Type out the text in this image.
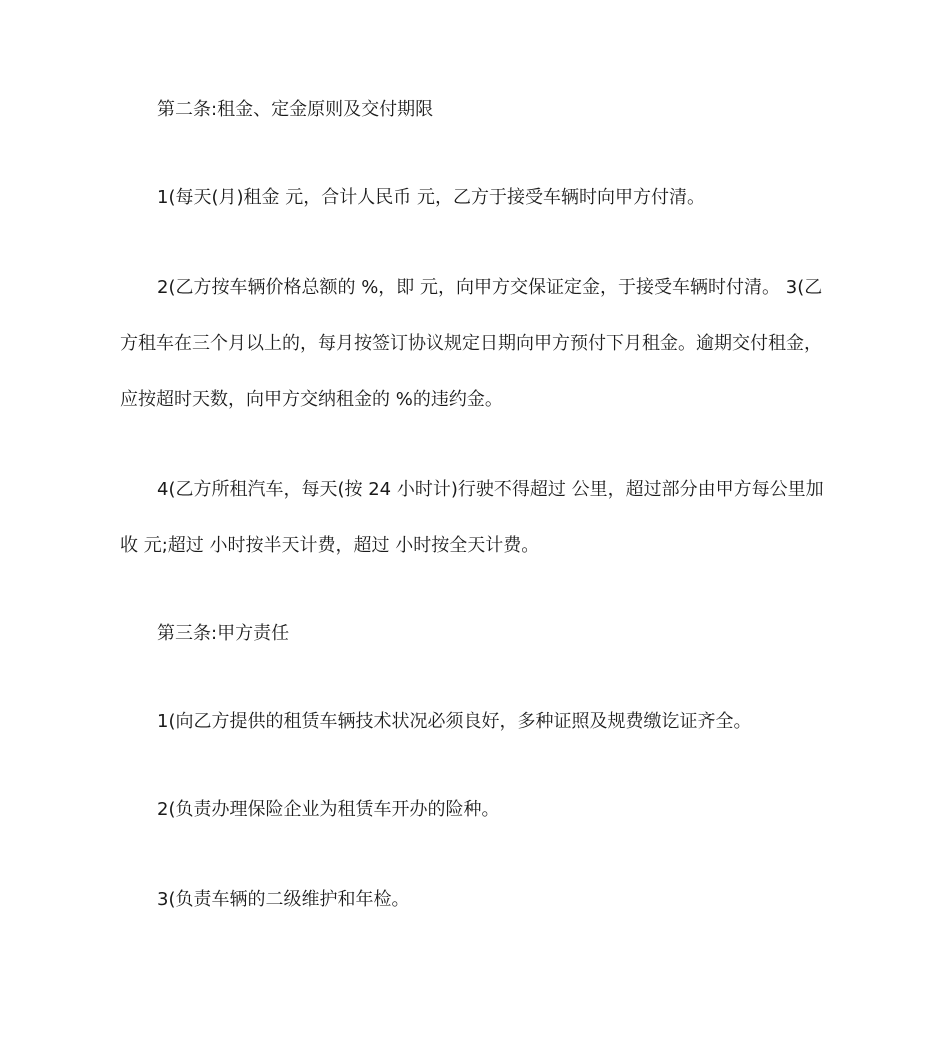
第二条:租金、定金原则及交付期限

1(每天(月)租金 元，合计人民币 元，乙方于接受车辆时向甲方付清。

2(乙方按车辆价格总额的 %，即 元，向甲方交保证定金，于接受车辆时付清。 3(乙

方租车在三个月以上的，每月按签订协议规定日期向甲方预付下月租金。逾期交付租金，

应按超时天数，向甲方交纳租金的 %的违约金。

4(乙方所租汽车，每天(按 24 小时计)行驶不得超过 公里，超过部分由甲方每公里加

收 元;超过 小时按半天计费，超过 小时按全天计费。

第三条:甲方责任

1(向乙方提供的租赁车辆技术状况必须良好，多种证照及规费缴讫证齐全。

2(负责办理保险企业为租赁车开办的险种。

3(负责车辆的二级维护和年检。
